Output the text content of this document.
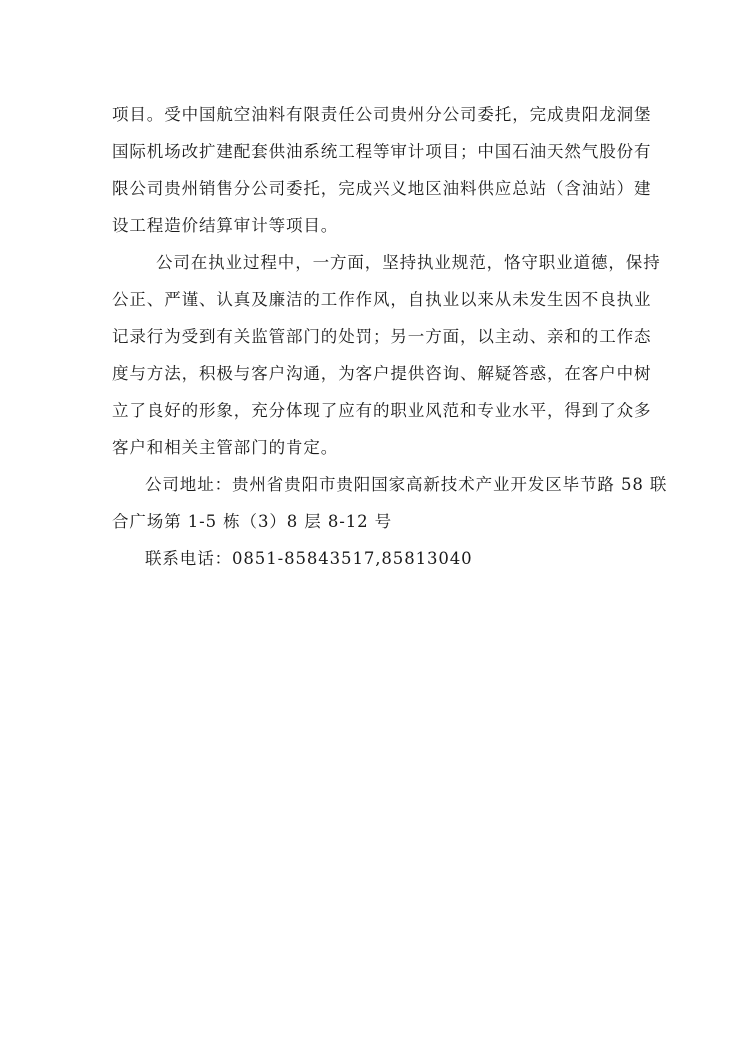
项目。受中国航空油料有限责任公司贵州分公司委托，完成贵阳龙洞堡
国际机场改扩建配套供油系统工程等审计项目；中国石油天然气股份有
限公司贵州销售分公司委托，完成兴义地区油料供应总站（含油站）建
设工程造价结算审计等项目。
公司在执业过程中，一方面，坚持执业规范，恪守职业道德，保持
公正、严谨、认真及廉洁的工作作风，自执业以来从未发生因不良执业
记录行为受到有关监管部门的处罚；另一方面，以主动、亲和的工作态
度与方法，积极与客户沟通，为客户提供咨询、解疑答惑，在客户中树
立了良好的形象，充分体现了应有的职业风范和专业水平，得到了众多
客户和相关主管部门的肯定。
公司地址：贵州省贵阳市贵阳国家高新技术产业开发区毕节路 58 联
合广场第 1-5 栋（3）8 层 8-12 号
联系电话：0851-85843517,85813040
